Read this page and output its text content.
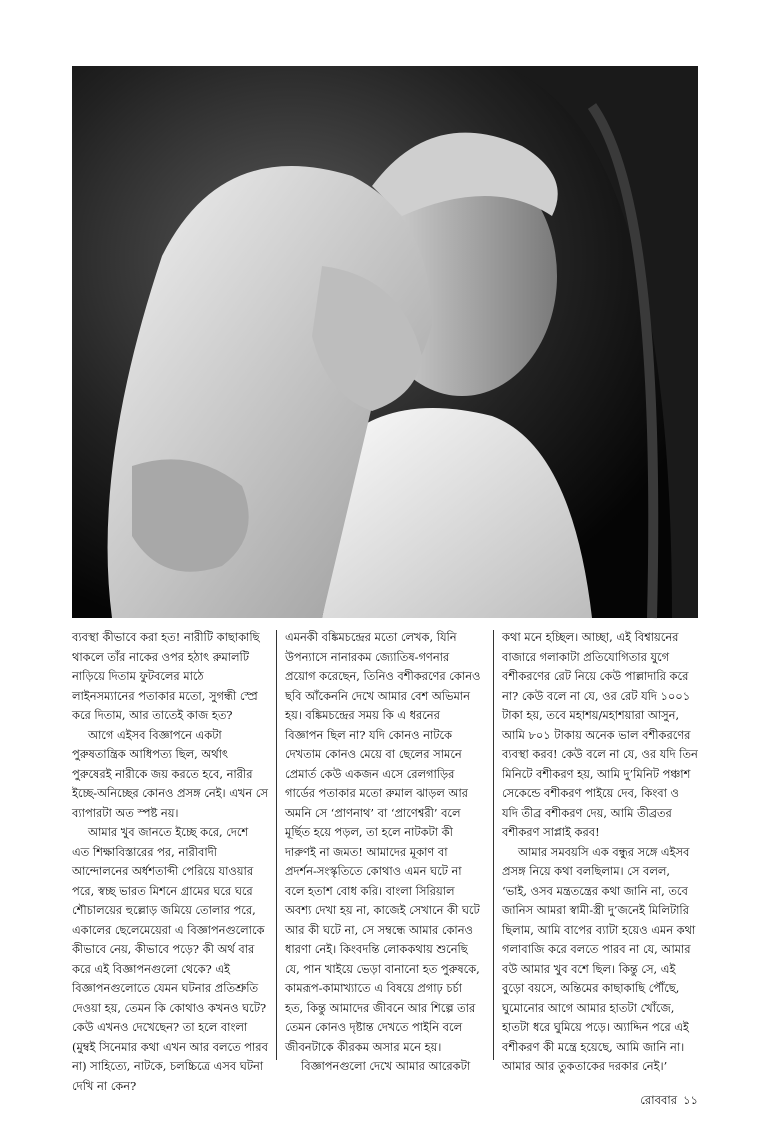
ব্যবস্থা কীভাবে করা হত! নারীটি কাছাকাছি থাকলে তাঁর নাকের ওপর হঠাৎ রুমালটি নাড়িয়ে দিতাম ফুটবলের মাঠে লাইনসম্যানের পতাকার মতো, সুগন্ধী স্প্রে করে দিতাম, আর তাতেই কাজ হত?

আগে এইসব বিজ্ঞাপনে একটা পুরুষতান্ত্রিক আধিপত্য ছিল, অর্থাৎ পুরুষেরই নারীকে জয় করতে হবে, নারীর ইচ্ছে-অনিচ্ছের কোনও প্রসঙ্গ নেই। এখন সে ব্যাপারটা অত স্পষ্ট নয়।

আমার খুব জানতে ইচ্ছে করে, দেশে এত শিক্ষাবিস্তারের পর, নারীবাদী আন্দোলনের অর্ধশতাব্দী পেরিয়ে যাওয়ার পরে, স্বচ্ছ ভারত মিশনে গ্রামের ঘরে ঘরে শৌচালয়ের হুল্লোড় জমিয়ে তোলার পরে, একালের ছেলেমেয়েরা এ বিজ্ঞাপনগুলোকে কীভাবে নেয়, কীভাবে পড়ে? কী অর্থ বার করে এই বিজ্ঞাপনগুলো থেকে? এই বিজ্ঞাপনগুলোতে যেমন ঘটনার প্রতিশ্রুতি দেওয়া হয়, তেমন কি কোথাও কখনও ঘটে? কেউ এখনও দেখেছেন? তা হলে বাংলা (মুম্বই সিনেমার কথা এখন আর বলতে পারব না) সাহিত্যে, নাটকে, চলচ্চিত্রে এসব ঘটনা দেখি না কেন?

এমনকী বঙ্কিমচন্দ্রের মতো লেখক, যিনি উপন্যাসে নানারকম জ্যোতিষ-গণনার প্রয়োগ করেছেন, তিনিও বশীকরণের কোনও ছবি আঁকেননি দেখে আমার বেশ অভিমান হয়। বঙ্কিমচন্দ্রের সময় কি এ ধরনের বিজ্ঞাপন ছিল না? যদি কোনও নাটকে দেখতাম কোনও মেয়ে বা ছেলের সামনে প্রেমার্ত কেউ একজন এসে রেলগাড়ির গার্ডের পতাকার মতো রুমাল ঝাড়ল আর অমনি সে ‘প্রাণনাথ’ বা ‘প্রাণেশ্বরী’ বলে মূর্ছিত হয়ে পড়ল, তা হলে নাটকটা কী দারুণই না জমত! আমাদের মূকাণ বা প্রদর্শন-সংস্কৃতিতে কোথাও এমন ঘটে না বলে হতাশ বোধ করি। বাংলা সিরিয়াল অবশ্য দেখা হয় না, কাজেই সেখানে কী ঘটে আর কী ঘটে না, সে সম্বন্ধে আমার কোনও ধারণা নেই। কিংবদন্তি লোককথায় শুনেছি যে, পান খাইয়ে ভেড়া বানানো হত পুরুষকে, কামরূপ-কামাখ্যাতে এ বিষয়ে প্রগাঢ় চর্চা হত, কিন্তু আমাদের জীবনে আর শিল্পে তার তেমন কোনও দৃষ্টান্ত দেখতে পাইনি বলে জীবনটাকে কীরকম অসার মনে হয়।

বিজ্ঞাপনগুলো দেখে আমার আরেকটা

কথা মনে হচ্ছিল। আচ্ছা, এই বিশ্বায়নের বাজারে গলাকাটা প্রতিযোগিতার যুগে বশীকরণের রেট নিয়ে কেউ পাল্লাদারি করে না? কেউ বলে না যে, ওর রেট যদি ১০০১ টাকা হয়, তবে মহাশয়/মহাশয়ারা আসুন, আমি ৮০১ টাকায় অনেক ভাল বশীকরণের ব্যবস্থা করব! কেউ বলে না যে, ওর যদি তিন মিনিটে বশীকরণ হয়, আমি দু’মিনিট পঞ্চাশ সেকেন্ডে বশীকরণ পাইয়ে দেব, কিংবা ও যদি তীব্র বশীকরণ দেয়, আমি তীব্রতর বশীকরণ সাপ্লাই করব!

আমার সমবয়সি এক বন্ধুর সঙ্গে এইসব প্রসঙ্গ নিয়ে কথা বলছিলাম। সে বলল, ‘ভাই, ওসব মন্ত্রতন্ত্রের কথা জানি না, তবে জানিস আমরা স্বামী-স্ত্রী দু’জনেই মিলিটারি ছিলাম, আমি বাপের ব্যাটা হয়েও এমন কথা গলাবাজি করে বলতে পারব না যে, আমার বউ আমার খুব বশে ছিল। কিন্তু সে, এই বুড়ো বয়সে, অন্তিমের কাছাকাছি পৌঁছে, ঘুমোনোর আগে আমার হাতটা খোঁজে, হাতটা ধরে ঘুমিয়ে পড়ে। অ্যাদ্দিন পরে এই বশীকরণ কী মন্ত্রে হয়েছে, আমি জানি না। আমার আর তুকতাকের দরকার নেই।’

রোববার ১১
